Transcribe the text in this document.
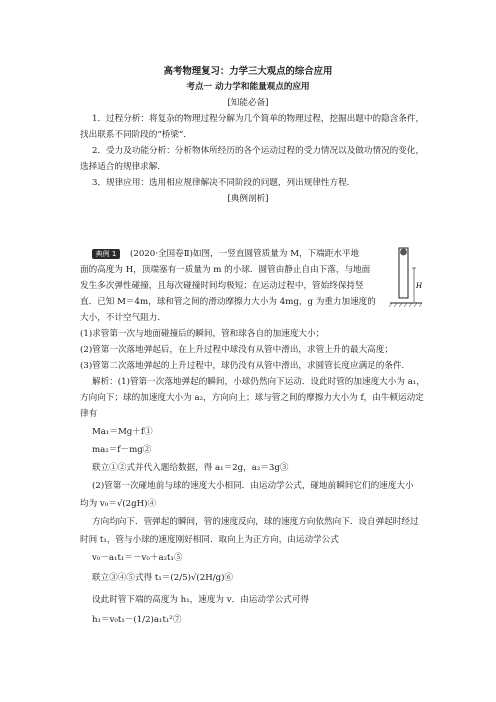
高考物理复习：力学三大观点的综合应用
考点一 动力学和能量观点的应用
[知能必备]
1．过程分析：将复杂的物理过程分解为几个简单的物理过程，挖掘出题中的隐含条件，
找出联系不同阶段的“桥梁”．
2．受力及功能分析：分析物体所经历的各个运动过程的受力情况以及做功情况的变化，
选择适合的规律求解．
3．规律应用：选用相应规律解决不同阶段的问题，列出规律性方程．
[典例剖析]
典例 1	(2020·全国卷Ⅱ)如图，一竖直圆管质量为 M，下端距水平地
面的高度为 H，顶端塞有一质量为 m 的小球．圆管由静止自由下落，与地面
发生多次弹性碰撞，且每次碰撞时间均极短；在运动过程中，管始终保持竖
直．已知 M＝4m，球和管之间的滑动摩擦力大小为 4mg，g 为重力加速度的
大小，不计空气阻力．
H
(1)求管第一次与地面碰撞后的瞬间，管和球各自的加速度大小；
(2)管第一次落地弹起后，在上升过程中球没有从管中滑出，求管上升的最大高度；
(3)管第二次落地弹起的上升过程中，球仍没有从管中滑出，求圆管长度应满足的条件．
解析：(1)管第一次落地弹起的瞬间，小球仍然向下运动．设此时管的加速度大小为 a₁，
方向向下；球的加速度大小为 a₂，方向向上；球与管之间的摩擦力大小为 f，由牛顿运动定
律有
Ma₁＝Mg＋f①
ma₂＝f－mg②
联立①②式并代入题给数据，得 a₁＝2g，a₂＝3g③
(2)管第一次碰地前与球的速度大小相同．由运动学公式，碰地前瞬间它们的速度大小
均为 v₀＝√(2gH)④
方向均向下．管弹起的瞬间，管的速度反向，球的速度方向依然向下．设自弹起时经过
时间 t₁，管与小球的速度刚好相同．取向上为正方向，由运动学公式
v₀－a₁t₁＝－v₀＋a₂t₁⑤
联立③④⑤式得 t₁＝(2/5)√(2H/g)⑥
设此时管下端的高度为 h₁，速度为 v．由运动学公式可得
h₁＝v₀t₁－(1/2)a₁t₁²⑦
